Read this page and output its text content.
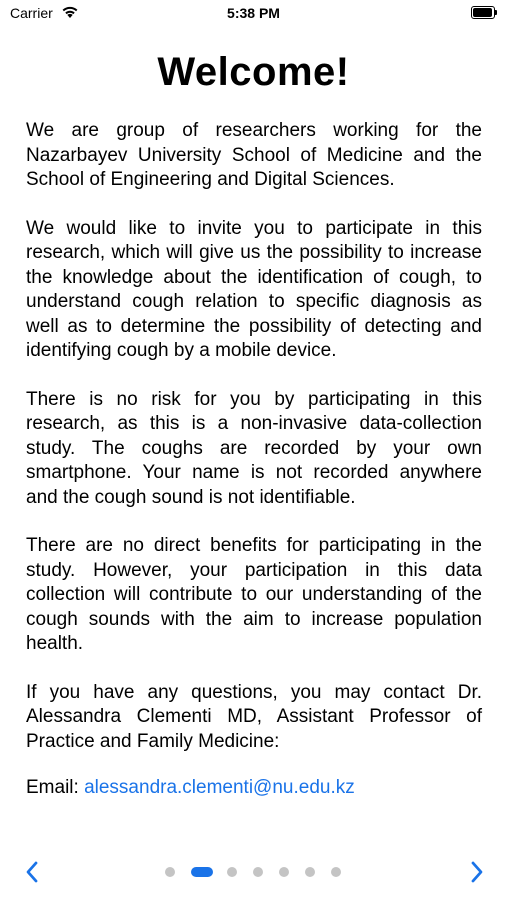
Carrier	5:38 PM
Welcome!

We are group of researchers working for the Nazarbayev University School of Medicine and the School of Engineering and Digital Sciences.

We would like to invite you to participate in this research, which will give us the possibility to increase the knowledge about the identification of cough, to understand cough relation to specific diagnosis as well as to determine the possibility of detecting and identifying cough by a mobile device.

There is no risk for you by participating in this research, as this is a non-invasive data-collection study. The coughs are recorded by your own smartphone. Your name is not recorded anywhere and the cough sound is not identifiable.

There are no direct benefits for participating in the study. However, your participation in this data collection will contribute to our understanding of the cough sounds with the aim to increase population health.

If you have any questions, you may contact Dr. Alessandra Clementi MD, Assistant Professor of Practice and Family Medicine:

Email: alessandra.clementi@nu.edu.kz
